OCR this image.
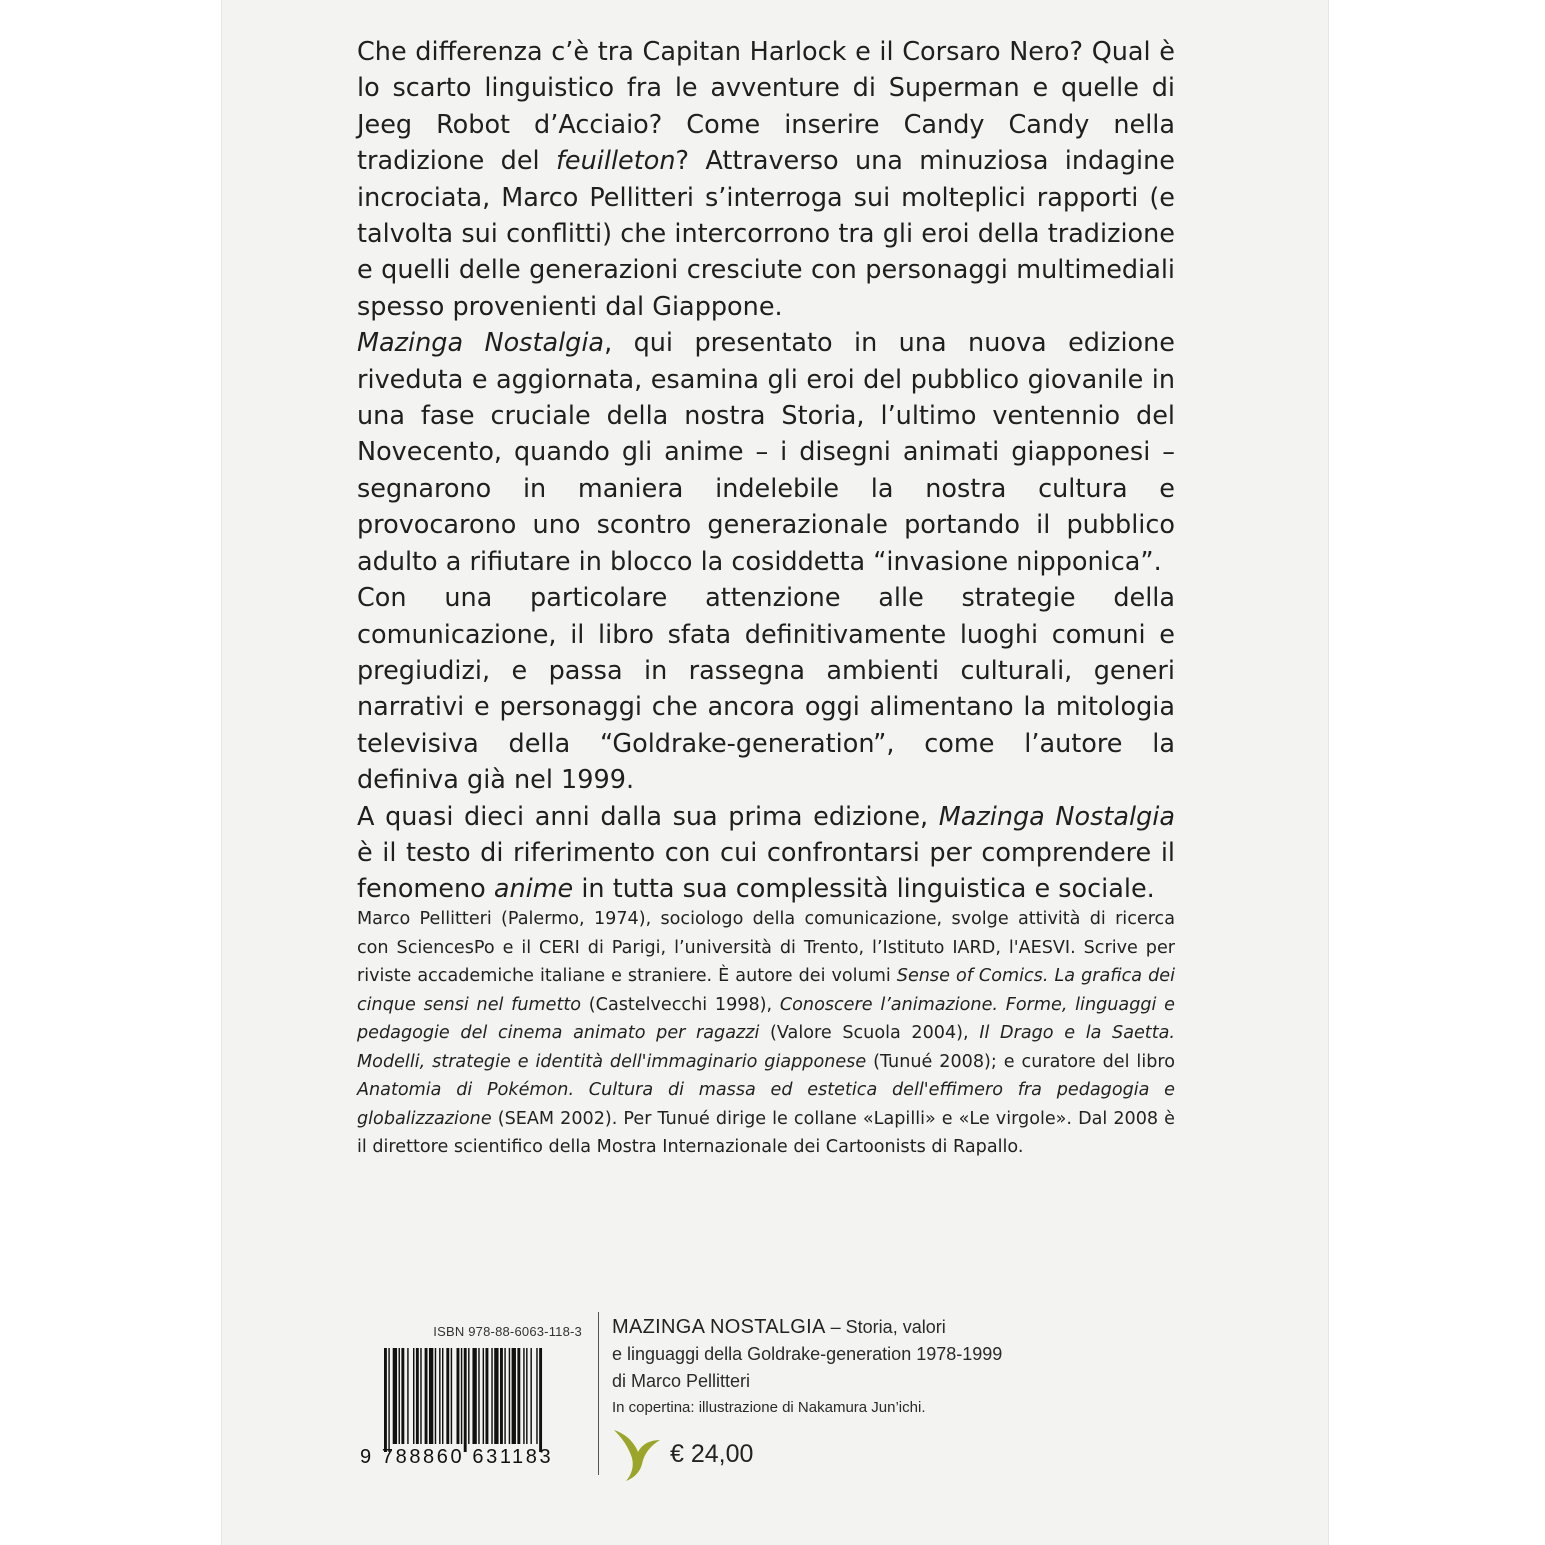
Che differenza c’è tra Capitan Harlock e il Corsaro Nero? Qual è lo scarto linguistico fra le avventure di Superman e quelle di Jeeg Robot d’Acciaio? Come inserire Candy Candy nella tradizione del feuilleton? Attraverso una minuziosa indagine incrociata, Marco Pellitteri s’interroga sui molteplici rapporti (e talvolta sui conflitti) che intercorrono tra gli eroi della tradizione e quelli delle generazioni cresciute con personaggi multimediali spesso provenienti dal Giappone.

Mazinga Nostalgia, qui presentato in una nuova edizione riveduta e aggiornata, esamina gli eroi del pubblico giovanile in una fase cruciale della nostra Storia, l’ultimo ventennio del Novecento, quando gli anime – i disegni animati giapponesi – segnarono in maniera indelebile la nostra cultura e provocarono uno scontro generazionale portando il pubblico adulto a rifiutare in blocco la cosiddetta “invasione nipponica”.

Con una particolare attenzione alle strategie della comunicazione, il libro sfata definitivamente luoghi comuni e pregiudizi, e passa in rassegna ambienti culturali, generi narrativi e personaggi che ancora oggi alimentano la mitologia televisiva della “Goldrake-generation”, come l’autore la definiva già nel 1999.

A quasi dieci anni dalla sua prima edizione, Mazinga Nostalgia è il testo di riferimento con cui confrontarsi per comprendere il fenomeno anime in tutta sua complessità linguistica e sociale.

Marco Pellitteri (Palermo, 1974), sociologo della comunicazione, svolge attività di ricerca con SciencesPo e il CERI di Parigi, l’università di Trento, l’Istituto IARD, l'AESVI. Scrive per riviste accademiche italiane e straniere. È autore dei volumi Sense of Comics. La grafica dei cinque sensi nel fumetto (Castelvecchi 1998), Conoscere l’animazione. Forme, linguaggi e pedagogie del cinema animato per ragazzi (Valore Scuola 2004), Il Drago e la Saetta. Modelli, strategie e identità dell'immaginario giapponese (Tunué 2008); e curatore del libro Anatomia di Pokémon. Cultura di massa ed estetica dell'effimero fra pedagogia e globalizzazione (SEAM 2002). Per Tunué dirige le collane «Lapilli» e «Le virgole». Dal 2008 è il direttore scientifico della Mostra Internazionale dei Cartoonists di Rapallo.

ISBN 978-88-6063-118-3
9 788860 631183
MAZINGA NOSTALGIA – Storia, valori
e linguaggi della Goldrake-generation 1978-1999
di Marco Pellitteri
In copertina: illustrazione di Nakamura Jun’ichi.
€ 24,00
